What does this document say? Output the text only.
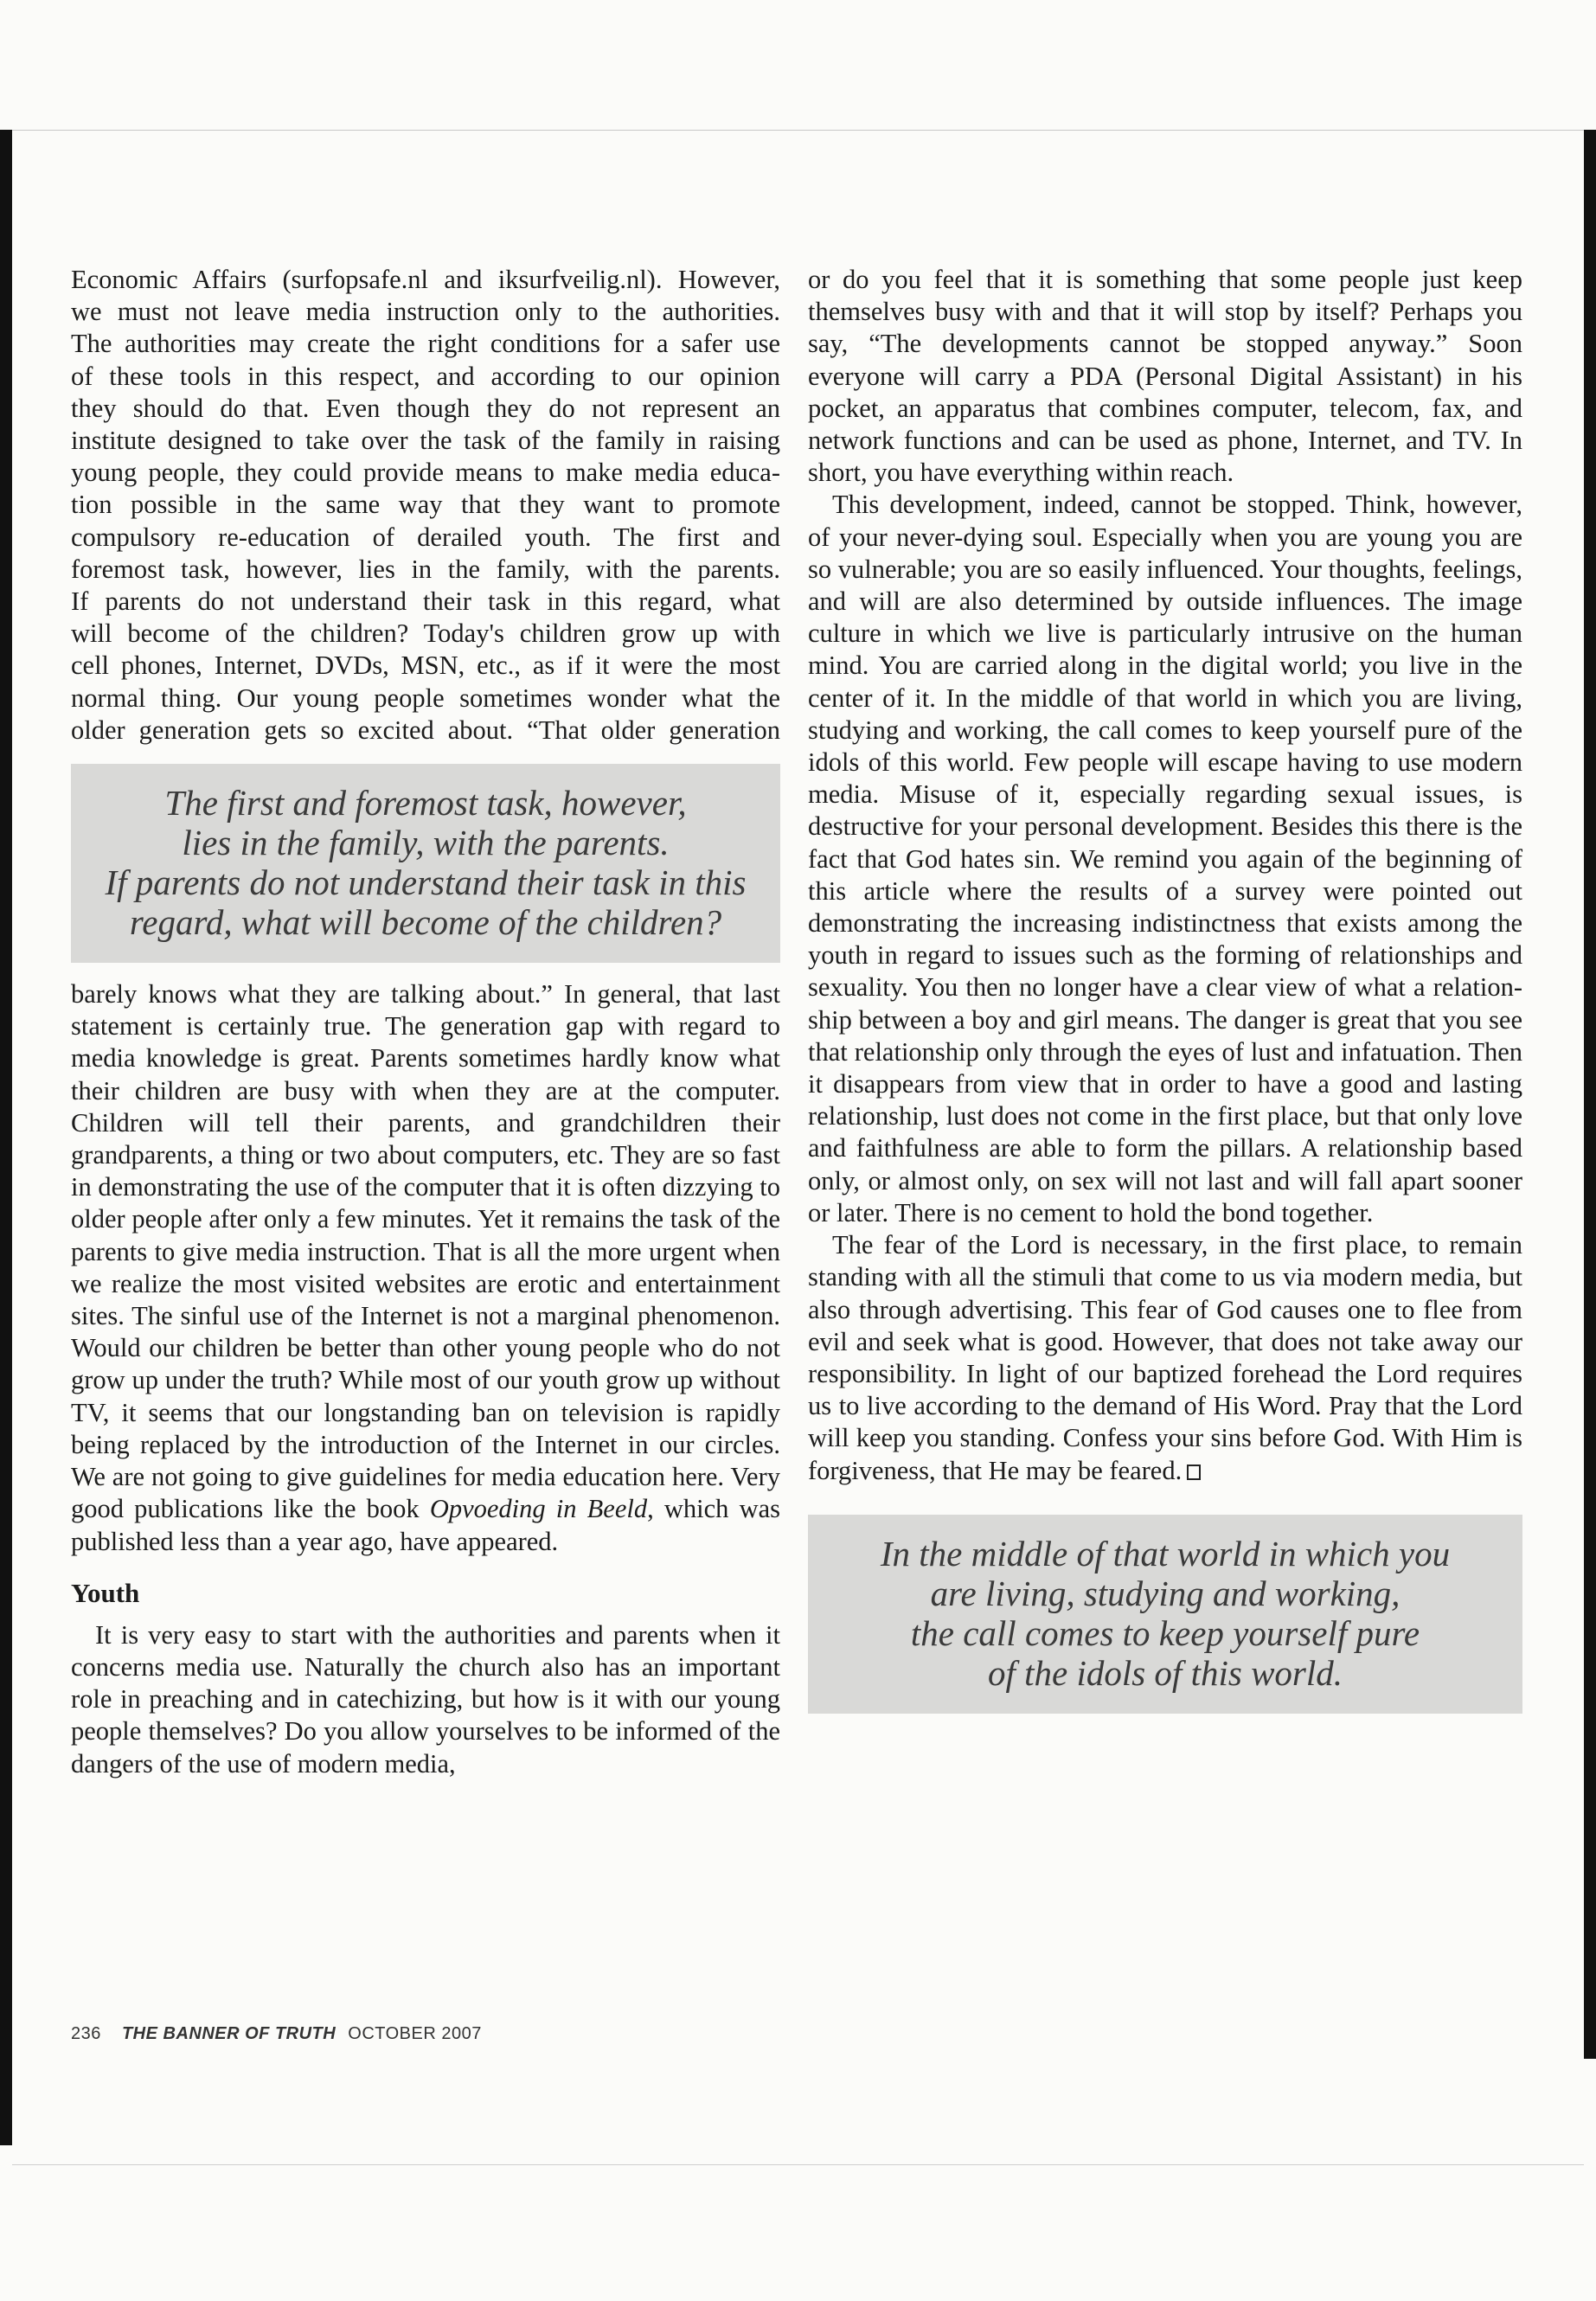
Economic Affairs (surfopsafe.nl and iksurfveilig.nl). However,
we must not leave media instruction only to the authorities.
The authorities may create the right conditions for a safer use
of these tools in this respect, and according to our opinion
they should do that. Even though they do not represent an
institute designed to take over the task of the family in raising
young people, they could provide means to make media educa-
tion possible in the same way that they want to promote
compulsory re-education of derailed youth. The first and
foremost task, however, lies in the family, with the parents.
If parents do not understand their task in this regard, what
will become of the children? Today's children grow up with
cell phones, Internet, DVDs, MSN, etc., as if it were the most
normal thing. Our young people sometimes wonder what the
older generation gets so excited about. “That older generation

The first and foremost task, however,
lies in the family, with the parents.
If parents do not understand their task in this
regard, what will become of the children?

barely knows what they are talking about.” In general, that last statement is certainly true. The generation gap with regard to media knowledge is great. Parents sometimes hardly know what their children are busy with when they are at the computer. Children will tell their parents, and grandchildren their grandparents, a thing or two about computers, etc. They are so fast in demonstrating the use of the computer that it is often dizzying to older people after only a few minutes. Yet it remains the task of the parents to give media instruction. That is all the more urgent when we realize the most visited websites are erotic and entertainment sites. The sinful use of the Internet is not a marginal phenomenon. Would our children be better than other young people who do not grow up under the truth? While most of our youth grow up without TV, it seems that our longstanding ban on television is rapidly being replaced by the introduction of the Internet in our circles. We are not going to give guidelines for media education here. Very good publications like the book Opvoeding in Beeld, which was published less than a year ago, have appeared.

Youth

It is very easy to start with the authorities and parents when it concerns media use. Naturally the church also has an important role in preaching and in catechizing, but how is it with our young people themselves? Do you allow yourselves to be informed of the dangers of the use of modern media,

or do you feel that it is something that some people just keep themselves busy with and that it will stop by itself? Perhaps you say, “The developments cannot be stopped anyway.” Soon everyone will carry a PDA (Personal Digital Assistant) in his pocket, an apparatus that combines computer, telecom, fax, and network functions and can be used as phone, Internet, and TV. In short, you have everything within reach.

This development, indeed, cannot be stopped. Think, however, of your never-dying soul. Especially when you are young you are so vulnerable; you are so easily influenced. Your thoughts, feelings, and will are also determined by outside influences. The image culture in which we live is particularly intrusive on the human mind. You are carried along in the digital world; you live in the center of it. In the middle of that world in which you are living, studying and working, the call comes to keep yourself pure of the idols of this world. Few people will escape having to use modern media. Misuse of it, especially regarding sexual issues, is destructive for your personal development. Besides this there is the fact that God hates sin. We remind you again of the beginning of this article where the results of a survey were pointed out demonstrating the increasing indistinctness that exists among the youth in regard to issues such as the forming of relationships and sexuality. You then no longer have a clear view of what a relationship between a boy and girl means. The danger is great that you see that relationship only through the eyes of lust and infatuation. Then it disappears from view that in order to have a good and lasting relationship, lust does not come in the first place, but that only love and faithfulness are able to form the pillars. A relationship based only, or almost only, on sex will not last and will fall apart sooner or later. There is no cement to hold the bond together.

The fear of the Lord is necessary, in the first place, to remain standing with all the stimuli that come to us via modern media, but also through advertising. This fear of God causes one to flee from evil and seek what is good. However, that does not take away our responsibility. In light of our baptized forehead the Lord requires us to live according to the demand of His Word. Pray that the Lord will keep you standing. Confess your sins before God. With Him is forgiveness, that He may be feared.

In the middle of that world in which you
are living, studying and working,
the call comes to keep yourself pure
of the idols of this world.
236 THE BANNER OF TRUTH OCTOBER 2007
